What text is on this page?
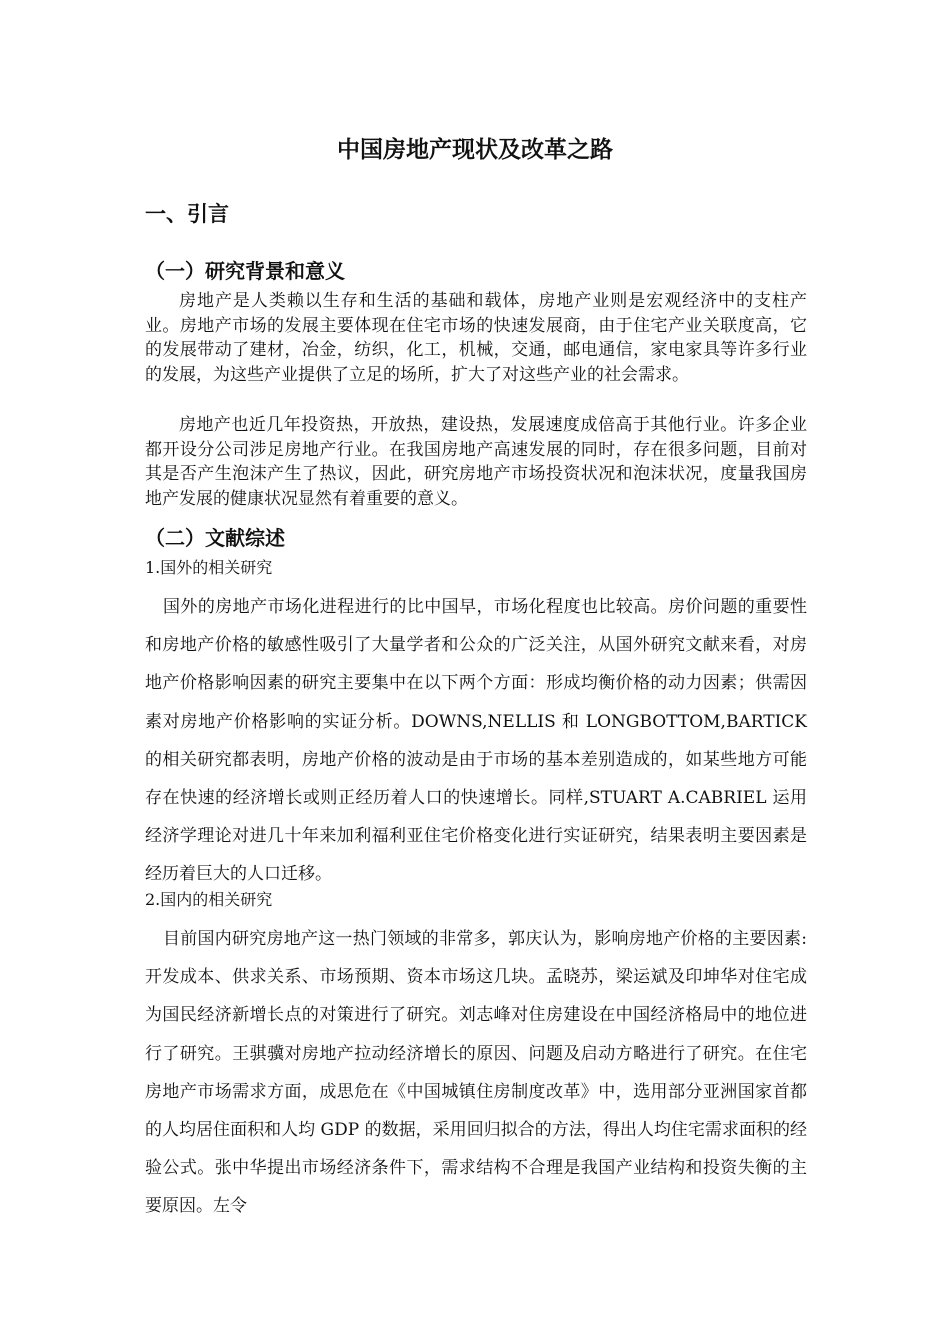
中国房地产现状及改革之路
一、引言
（一）研究背景和意义

房地产是人类赖以生存和生活的基础和载体，房地产业则是宏观经济中的支柱产业。房地产市场的发展主要体现在住宅市场的快速发展商，由于住宅产业关联度高，它的发展带动了建材，冶金，纺织，化工，机械，交通，邮电通信，家电家具等许多行业的发展，为这些产业提供了立足的场所，扩大了对这些产业的社会需求。

房地产也近几年投资热，开放热，建设热，发展速度成倍高于其他行业。许多企业都开设分公司涉足房地产行业。在我国房地产高速发展的同时，存在很多问题，目前对其是否产生泡沫产生了热议，因此，研究房地产市场投资状况和泡沫状况，度量我国房地产发展的健康状况显然有着重要的意义。

（二）文献综述

1.国外的相关研究

国外的房地产市场化进程进行的比中国早，市场化程度也比较高。房价问题的重要性和房地产价格的敏感性吸引了大量学者和公众的广泛关注，从国外研究文献来看，对房地产价格影响因素的研究主要集中在以下两个方面：形成均衡价格的动力因素；供需因素对房地产价格影响的实证分析。DOWNS,NELLIS 和 LONGBOTTOM,BARTICK 的相关研究都表明，房地产价格的波动是由于市场的基本差别造成的，如某些地方可能存在快速的经济增长或则正经历着人口的快速增长。同样,STUART A.CABRIEL 运用经济学理论对进几十年来加利福利亚住宅价格变化进行实证研究，结果表明主要因素是经历着巨大的人口迁移。

2.国内的相关研究

目前国内研究房地产这一热门领域的非常多，郭庆认为，影响房地产价格的主要因素:开发成本、供求关系、市场预期、资本市场这几块。孟晓苏，梁运斌及印坤华对住宅成为国民经济新增长点的对策进行了研究。刘志峰对住房建设在中国经济格局中的地位进行了研究。王骐骥对房地产拉动经济增长的原因、问题及启动方略进行了研究。在住宅房地产市场需求方面，成思危在《中国城镇住房制度改革》中，选用部分亚洲国家首都的人均居住面积和人均 GDP 的数据，采用回归拟合的方法，得出人均住宅需求面积的经验公式。张中华提出市场经济条件下，需求结构不合理是我国产业结构和投资失衡的主要原因。左令
